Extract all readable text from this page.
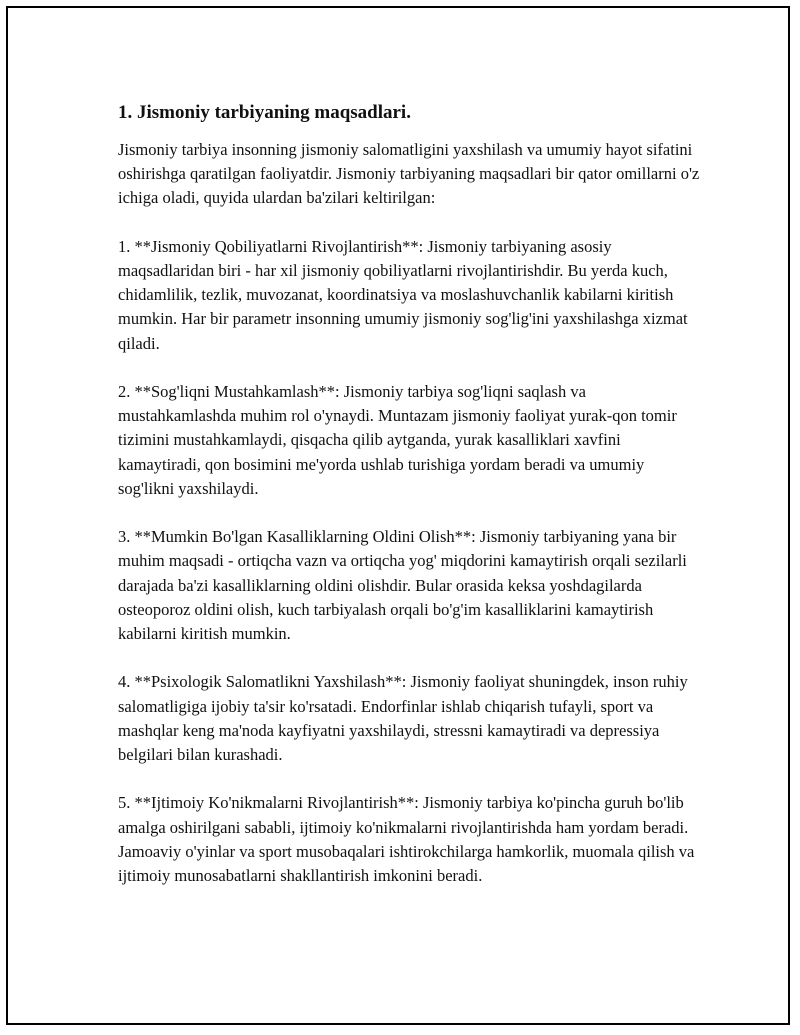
1. Jismoniy tarbiyaning maqsadlari.

Jismoniy tarbiya insonning jismoniy salomatligini yaxshilash va umumiy hayot sifatini oshirishga qaratilgan faoliyatdir. Jismoniy tarbiyaning maqsadlari bir qator omillarni o'z ichiga oladi, quyida ulardan ba'zilari keltirilgan:

1. **Jismoniy Qobiliyatlarni Rivojlantirish**: Jismoniy tarbiyaning asosiy maqsadlaridan biri - har xil jismoniy qobiliyatlarni rivojlantirishdir. Bu yerda kuch, chidamlilik, tezlik, muvozanat, koordinatsiya va moslashuvchanlik kabilarni kiritish mumkin. Har bir parametr insonning umumiy jismoniy sog'lig'ini yaxshilashga xizmat qiladi.

2. **Sog'liqni Mustahkamlash**: Jismoniy tarbiya sog'liqni saqlash va mustahkamlashda muhim rol o'ynaydi. Muntazam jismoniy faoliyat yurak-qon tomir tizimini mustahkamlaydi, qisqacha qilib aytganda, yurak kasalliklari xavfini kamaytiradi, qon bosimini me'yorda ushlab turishiga yordam beradi va umumiy sog'likni yaxshilaydi.

3. **Mumkin Bo'lgan Kasalliklarning Oldini Olish**: Jismoniy tarbiyaning yana bir muhim maqsadi - ortiqcha vazn va ortiqcha yog' miqdorini kamaytirish orqali sezilarli darajada ba'zi kasalliklarning oldini olishdir. Bular orasida keksa yoshdagilarda osteoporoz oldini olish, kuch tarbiyalash orqali bo'g'im kasalliklarini kamaytirish kabilarni kiritish mumkin.

4. **Psixologik Salomatlikni Yaxshilash**: Jismoniy faoliyat shuningdek, inson ruhiy salomatligiga ijobiy ta'sir ko'rsatadi. Endorfinlar ishlab chiqarish tufayli, sport va mashqlar keng ma'noda kayfiyatni yaxshilaydi, stressni kamaytiradi va depressiya belgilari bilan kurashadi.

5. **Ijtimoiy Ko'nikmalarni Rivojlantirish**: Jismoniy tarbiya ko'pincha guruh bo'lib amalga oshirilgani sababli, ijtimoiy ko'nikmalarni rivojlantirishda ham yordam beradi. Jamoaviy o'yinlar va sport musobaqalari ishtirokchilarga hamkorlik, muomala qilish va ijtimoiy munosabatlarni shakllantirish imkonini beradi.
